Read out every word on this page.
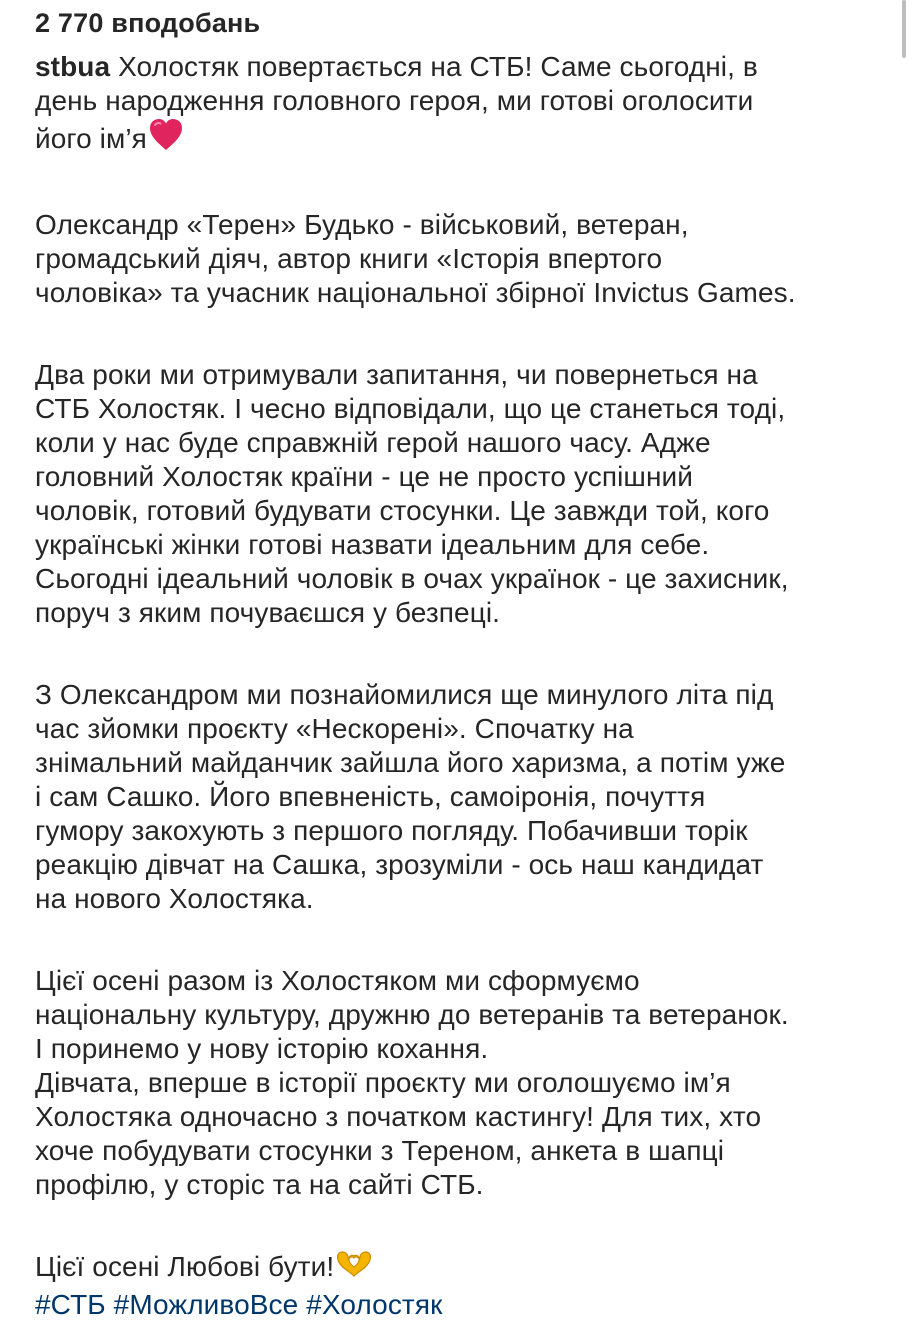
2 770 вподобань

stbua Холостяк повертається на СТБ! Саме сьогодні, в
день народження головного героя, ми готові оголосити
його ім’я

Олександр «Терен» Будько - військовий, ветеран,
громадський діяч, автор книги «Історія впертого
чоловіка» та учасник національної збірної Invictus Games.

Два роки ми отримували запитання, чи повернеться на
СТБ Холостяк. І чесно відповідали, що це станеться тоді,
коли у нас буде справжній герой нашого часу. Адже
головний Холостяк країни - це не просто успішний
чоловік, готовий будувати стосунки. Це завжди той, кого
українські жінки готові назвати ідеальним для себе.
Сьогодні ідеальний чоловік в очах українок - це захисник,
поруч з яким почуваєшся у безпеці.

З Олександром ми познайомилися ще минулого літа під
час зйомки проєкту «Нескорені». Спочатку на
знімальний майданчик зайшла його харизма, а потім уже
і сам Сашко. Його впевненість, самоіронія, почуття
гумору закохують з першого погляду. Побачивши торік
реакцію дівчат на Сашка, зрозуміли - ось наш кандидат
на нового Холостяка.

Цієї осені разом із Холостяком ми сформуємо
національну культуру, дружню до ветеранів та ветеранок.
І поринемо у нову історію кохання.

Дівчата, вперше в історії проєкту ми оголошуємо ім’я
Холостяка одночасно з початком кастингу! Для тих, хто
хоче побудувати стосунки з Тереном, анкета в шапці
профілю, у сторіс та на сайті СТБ.

Цієї осені Любові бути!
#СТБ #МожливоВсе #Холостяк
